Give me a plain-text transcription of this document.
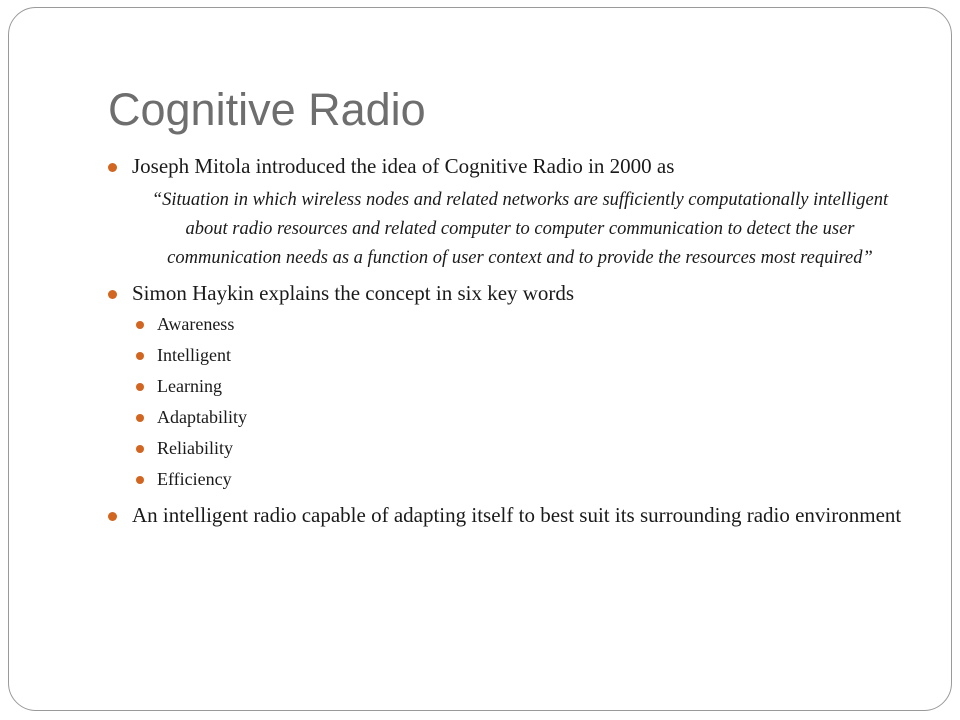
Cognitive Radio
Joseph Mitola introduced the idea of Cognitive Radio in 2000 as
“Situation in which wireless nodes and related networks are sufficiently computationally intelligent about radio resources and related computer to computer communication to detect the user communication needs as a function of user context and to provide the resources most required”
Simon Haykin explains the concept in six key words
Awareness
Intelligent
Learning
Adaptability
Reliability
Efficiency
An intelligent radio capable of adapting itself to best suit its surrounding radio environment
